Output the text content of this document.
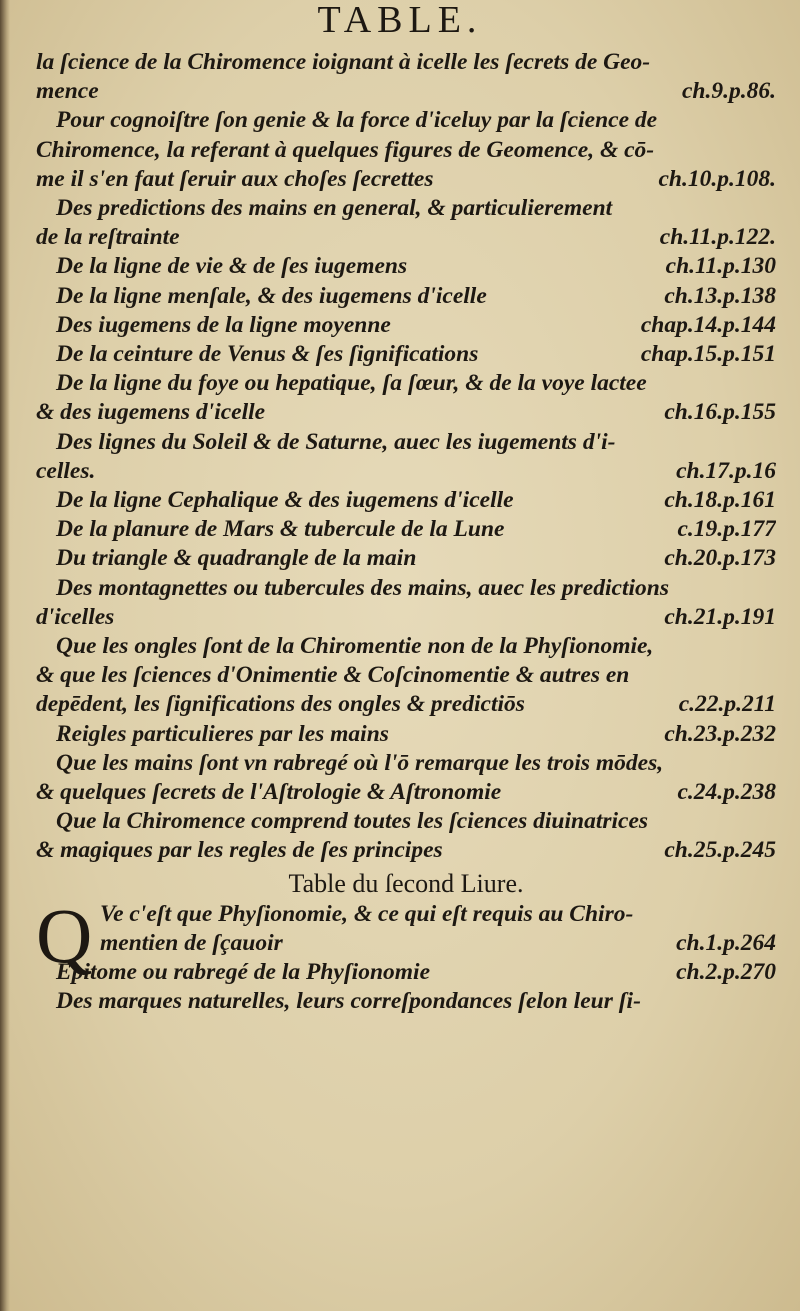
TABLE.
la ſcience de la Chiromence ioignant à icelle les ſecrets de Geo-
mence	ch.9.p.86.
Pour cognoiſtre ſon genie & la force d'iceluy par la ſcience de
Chiromence, la referant à quelques figures de Geomence, & cō-
me il s'en faut ſeruir aux choſes ſecrettes	ch.10.p.108.
Des predictions des mains en general, & particulierement
de la reſtrainte	ch.11.p.122.
De la ligne de vie & de ſes iugemens	ch.11.p.130
De la ligne menſale, & des iugemens d'icelle	ch.13.p.138
Des iugemens de la ligne moyenne	chap.14.p.144
De la ceinture de Venus & ſes ſignifications	chap.15.p.151
De la ligne du foye ou hepatique, ſa ſœur, & de la voye lactee
& des iugemens d'icelle	ch.16.p.155
Des lignes du Soleil & de Saturne, auec les iugements d'i-
celles.	ch.17.p.16
De la ligne Cephalique & des iugemens d'icelle	ch.18.p.161
De la planure de Mars & tubercule de la Lune	c.19.p.177
Du triangle & quadrangle de la main	ch.20.p.173
Des montagnettes ou tubercules des mains, auec les predictions
d'icelles	ch.21.p.191
Que les ongles ſont de la Chiromentie non de la Phyſionomie,
& que les ſciences d'Onimentie & Coſcinomentie & autres en
depēdent, les ſignifications des ongles & predictiōs	c.22.p.211
Reigles particulieres par les mains	ch.23.p.232
Que les mains ſont vn rabregé où l'ō remarque les trois mōdes,
& quelques ſecrets de l'Aſtrologie & Aſtronomie	c.24.p.238
Que la Chiromence comprend toutes les ſciences diuinatrices
& magiques par les regles de ſes principes	ch.25.p.245
Table du ſecond Liure.
Q Ve c'eſt que Phyſionomie, & ce qui eſt requis au Chiro-
mentien de ſçauoir	ch.1.p.264
Epitome ou rabregé de la Phyſionomie	ch.2.p.270
Des marques naturelles, leurs correſpondances ſelon leur ſi-
